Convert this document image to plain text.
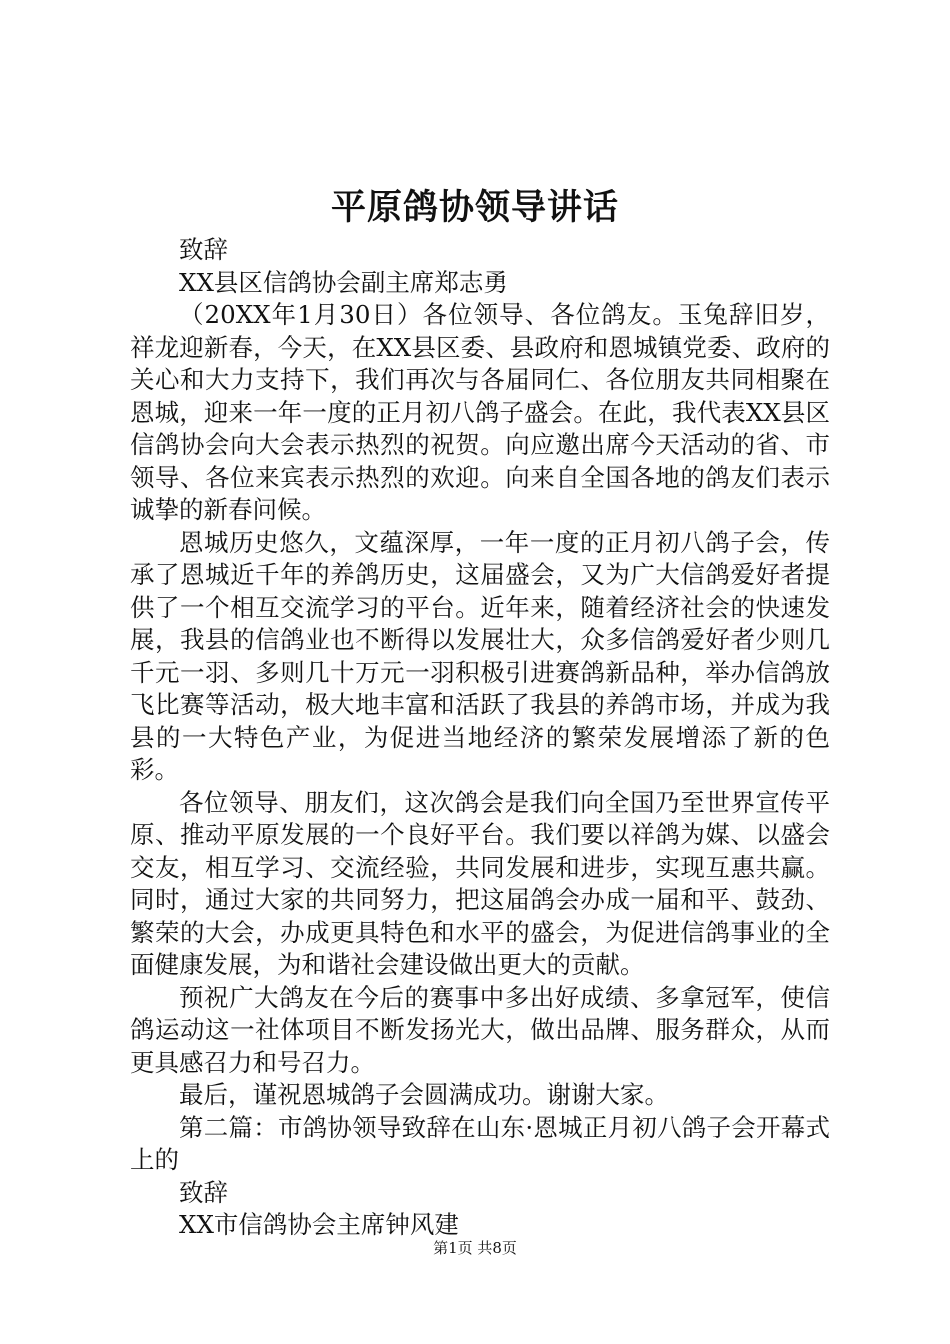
平原鸽协领导讲话

致辞

XX县区信鸽协会副主席郑志勇

（20XX年1月30日）各位领导、各位鸽友。玉兔辞旧岁，祥龙迎新春，今天，在XX县区委、县政府和恩城镇党委、政府的关心和大力支持下，我们再次与各届同仁、各位朋友共同相聚在恩城，迎来一年一度的正月初八鸽子盛会。在此，我代表XX县区信鸽协会向大会表示热烈的祝贺。向应邀出席今天活动的省、市领导、各位来宾表示热烈的欢迎。向来自全国各地的鸽友们表示诚挚的新春问候。

恩城历史悠久，文蕴深厚，一年一度的正月初八鸽子会，传承了恩城近千年的养鸽历史，这届盛会，又为广大信鸽爱好者提供了一个相互交流学习的平台。近年来，随着经济社会的快速发展，我县的信鸽业也不断得以发展壮大，众多信鸽爱好者少则几千元一羽、多则几十万元一羽积极引进赛鸽新品种，举办信鸽放飞比赛等活动，极大地丰富和活跃了我县的养鸽市场，并成为我县的一大特色产业，为促进当地经济的繁荣发展增添了新的色彩。

各位领导、朋友们，这次鸽会是我们向全国乃至世界宣传平原、推动平原发展的一个良好平台。我们要以祥鸽为媒、以盛会交友，相互学习、交流经验，共同发展和进步，实现互惠共赢。同时，通过大家的共同努力，把这届鸽会办成一届和平、鼓劲、繁荣的大会，办成更具特色和水平的盛会，为促进信鸽事业的全面健康发展，为和谐社会建设做出更大的贡献。

预祝广大鸽友在今后的赛事中多出好成绩、多拿冠军，使信鸽运动这一社体项目不断发扬光大，做出品牌、服务群众，从而更具感召力和号召力。

最后，谨祝恩城鸽子会圆满成功。谢谢大家。

第二篇：市鸽协领导致辞在山东·恩城正月初八鸽子会开幕式上的

致辞

XX市信鸽协会主席钟风建

第1页 共8页
